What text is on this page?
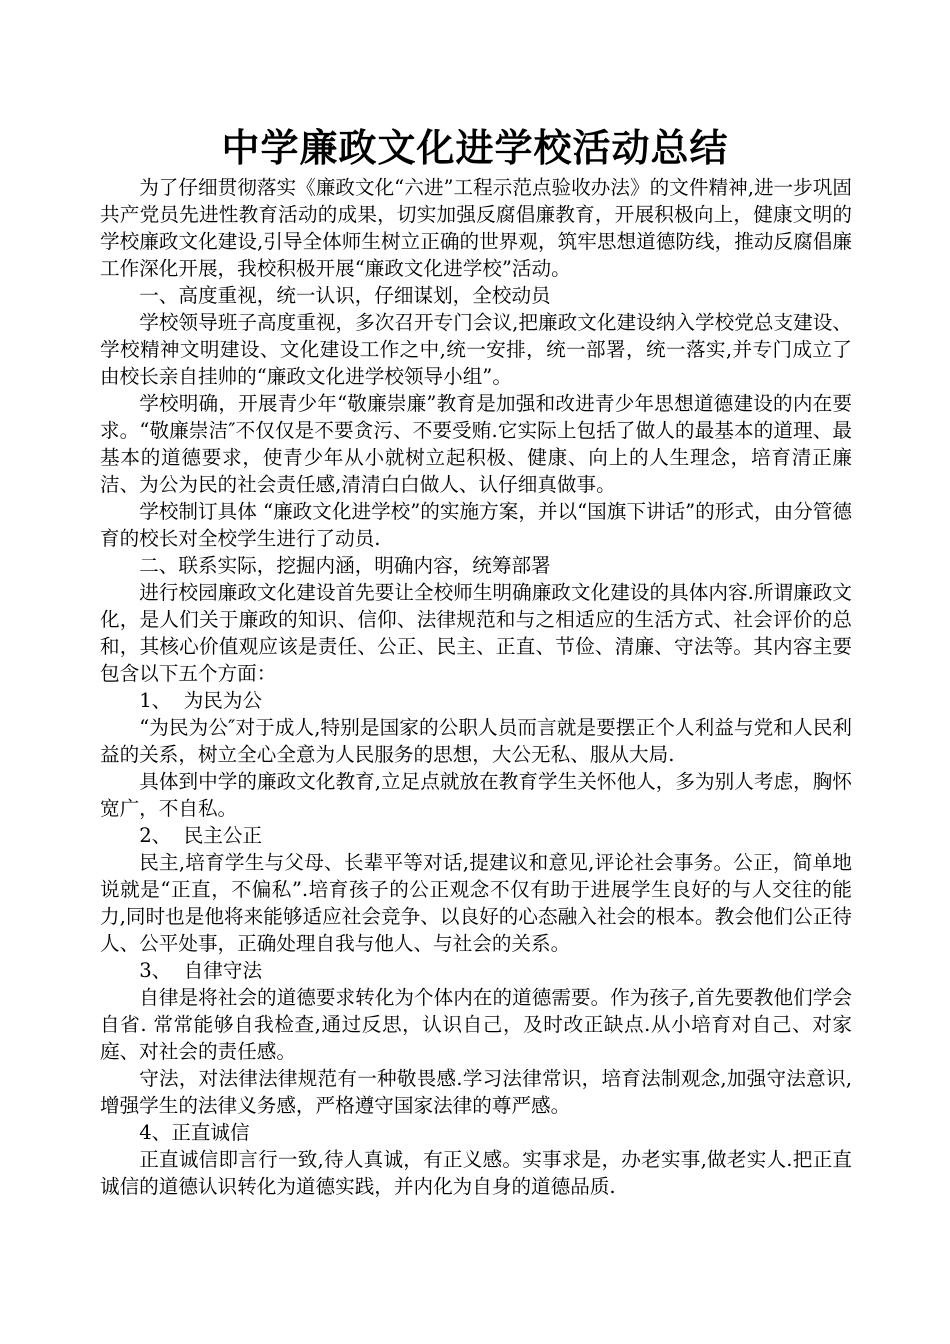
中学廉政文化进学校活动总结

为了仔细贯彻落实《廉政文化“六进”工程示范点验收办法》的文件精神,进一步巩固共产党员先进性教育活动的成果，切实加强反腐倡廉教育，开展积极向上，健康文明的学校廉政文化建设,引导全体师生树立正确的世界观，筑牢思想道德防线，推动反腐倡廉工作深化开展，我校积极开展“廉政文化进学校”活动。

一、高度重视，统一认识，仔细谋划，全校动员

学校领导班子高度重视，多次召开专门会议,把廉政文化建设纳入学校党总支建设、学校精神文明建设、文化建设工作之中,统一安排，统一部署，统一落实,并专门成立了由校长亲自挂帅的“廉政文化进学校领导小组”。

学校明确，开展青少年“敬廉崇廉”教育是加强和改进青少年思想道德建设的内在要求。“敬廉崇洁″不仅仅是不要贪污、不要受贿.它实际上包括了做人的最基本的道理、最基本的道德要求，使青少年从小就树立起积极、健康、向上的人生理念，培育清正廉洁、为公为民的社会责任感,清清白白做人、认仔细真做事。

学校制订具体 “廉政文化进学校”的实施方案，并以“国旗下讲话”的形式，由分管德育的校长对全校学生进行了动员.

二、联系实际，挖掘内涵，明确内容，统筹部署

进行校园廉政文化建设首先要让全校师生明确廉政文化建设的具体内容.所谓廉政文化，是人们关于廉政的知识、信仰、法律规范和与之相适应的生活方式、社会评价的总和，其核心价值观应该是责任、公正、民主、正直、节俭、清廉、守法等。其内容主要包含以下五个方面：

1、  为民为公

“为民为公″对于成人,特别是国家的公职人员而言就是要摆正个人利益与党和人民利益的关系，树立全心全意为人民服务的思想，大公无私、服从大局.

具体到中学的廉政文化教育,立足点就放在教育学生关怀他人，多为别人考虑，胸怀宽广，不自私。

2、  民主公正

民主,培育学生与父母、长辈平等对话,提建议和意见,评论社会事务。公正，简单地说就是“正直，不偏私”.培育孩子的公正观念不仅有助于进展学生良好的与人交往的能力,同时也是他将来能够适应社会竞争、以良好的心态融入社会的根本。教会他们公正待人、公平处事，正确处理自我与他人、与社会的关系。

3、  自律守法

自律是将社会的道德要求转化为个体内在的道德需要。作为孩子,首先要教他们学会自省. 常常能够自我检查,通过反思，认识自己，及时改正缺点.从小培育对自己、对家庭、对社会的责任感。

守法，对法律法律规范有一种敬畏感.学习法律常识，培育法制观念,加强守法意识,增强学生的法律义务感，严格遵守国家法律的尊严感。

4、正直诚信

正直诚信即言行一致,待人真诚，有正义感。实事求是，办老实事,做老实人.把正直诚信的道德认识转化为道德实践，并内化为自身的道德品质.
